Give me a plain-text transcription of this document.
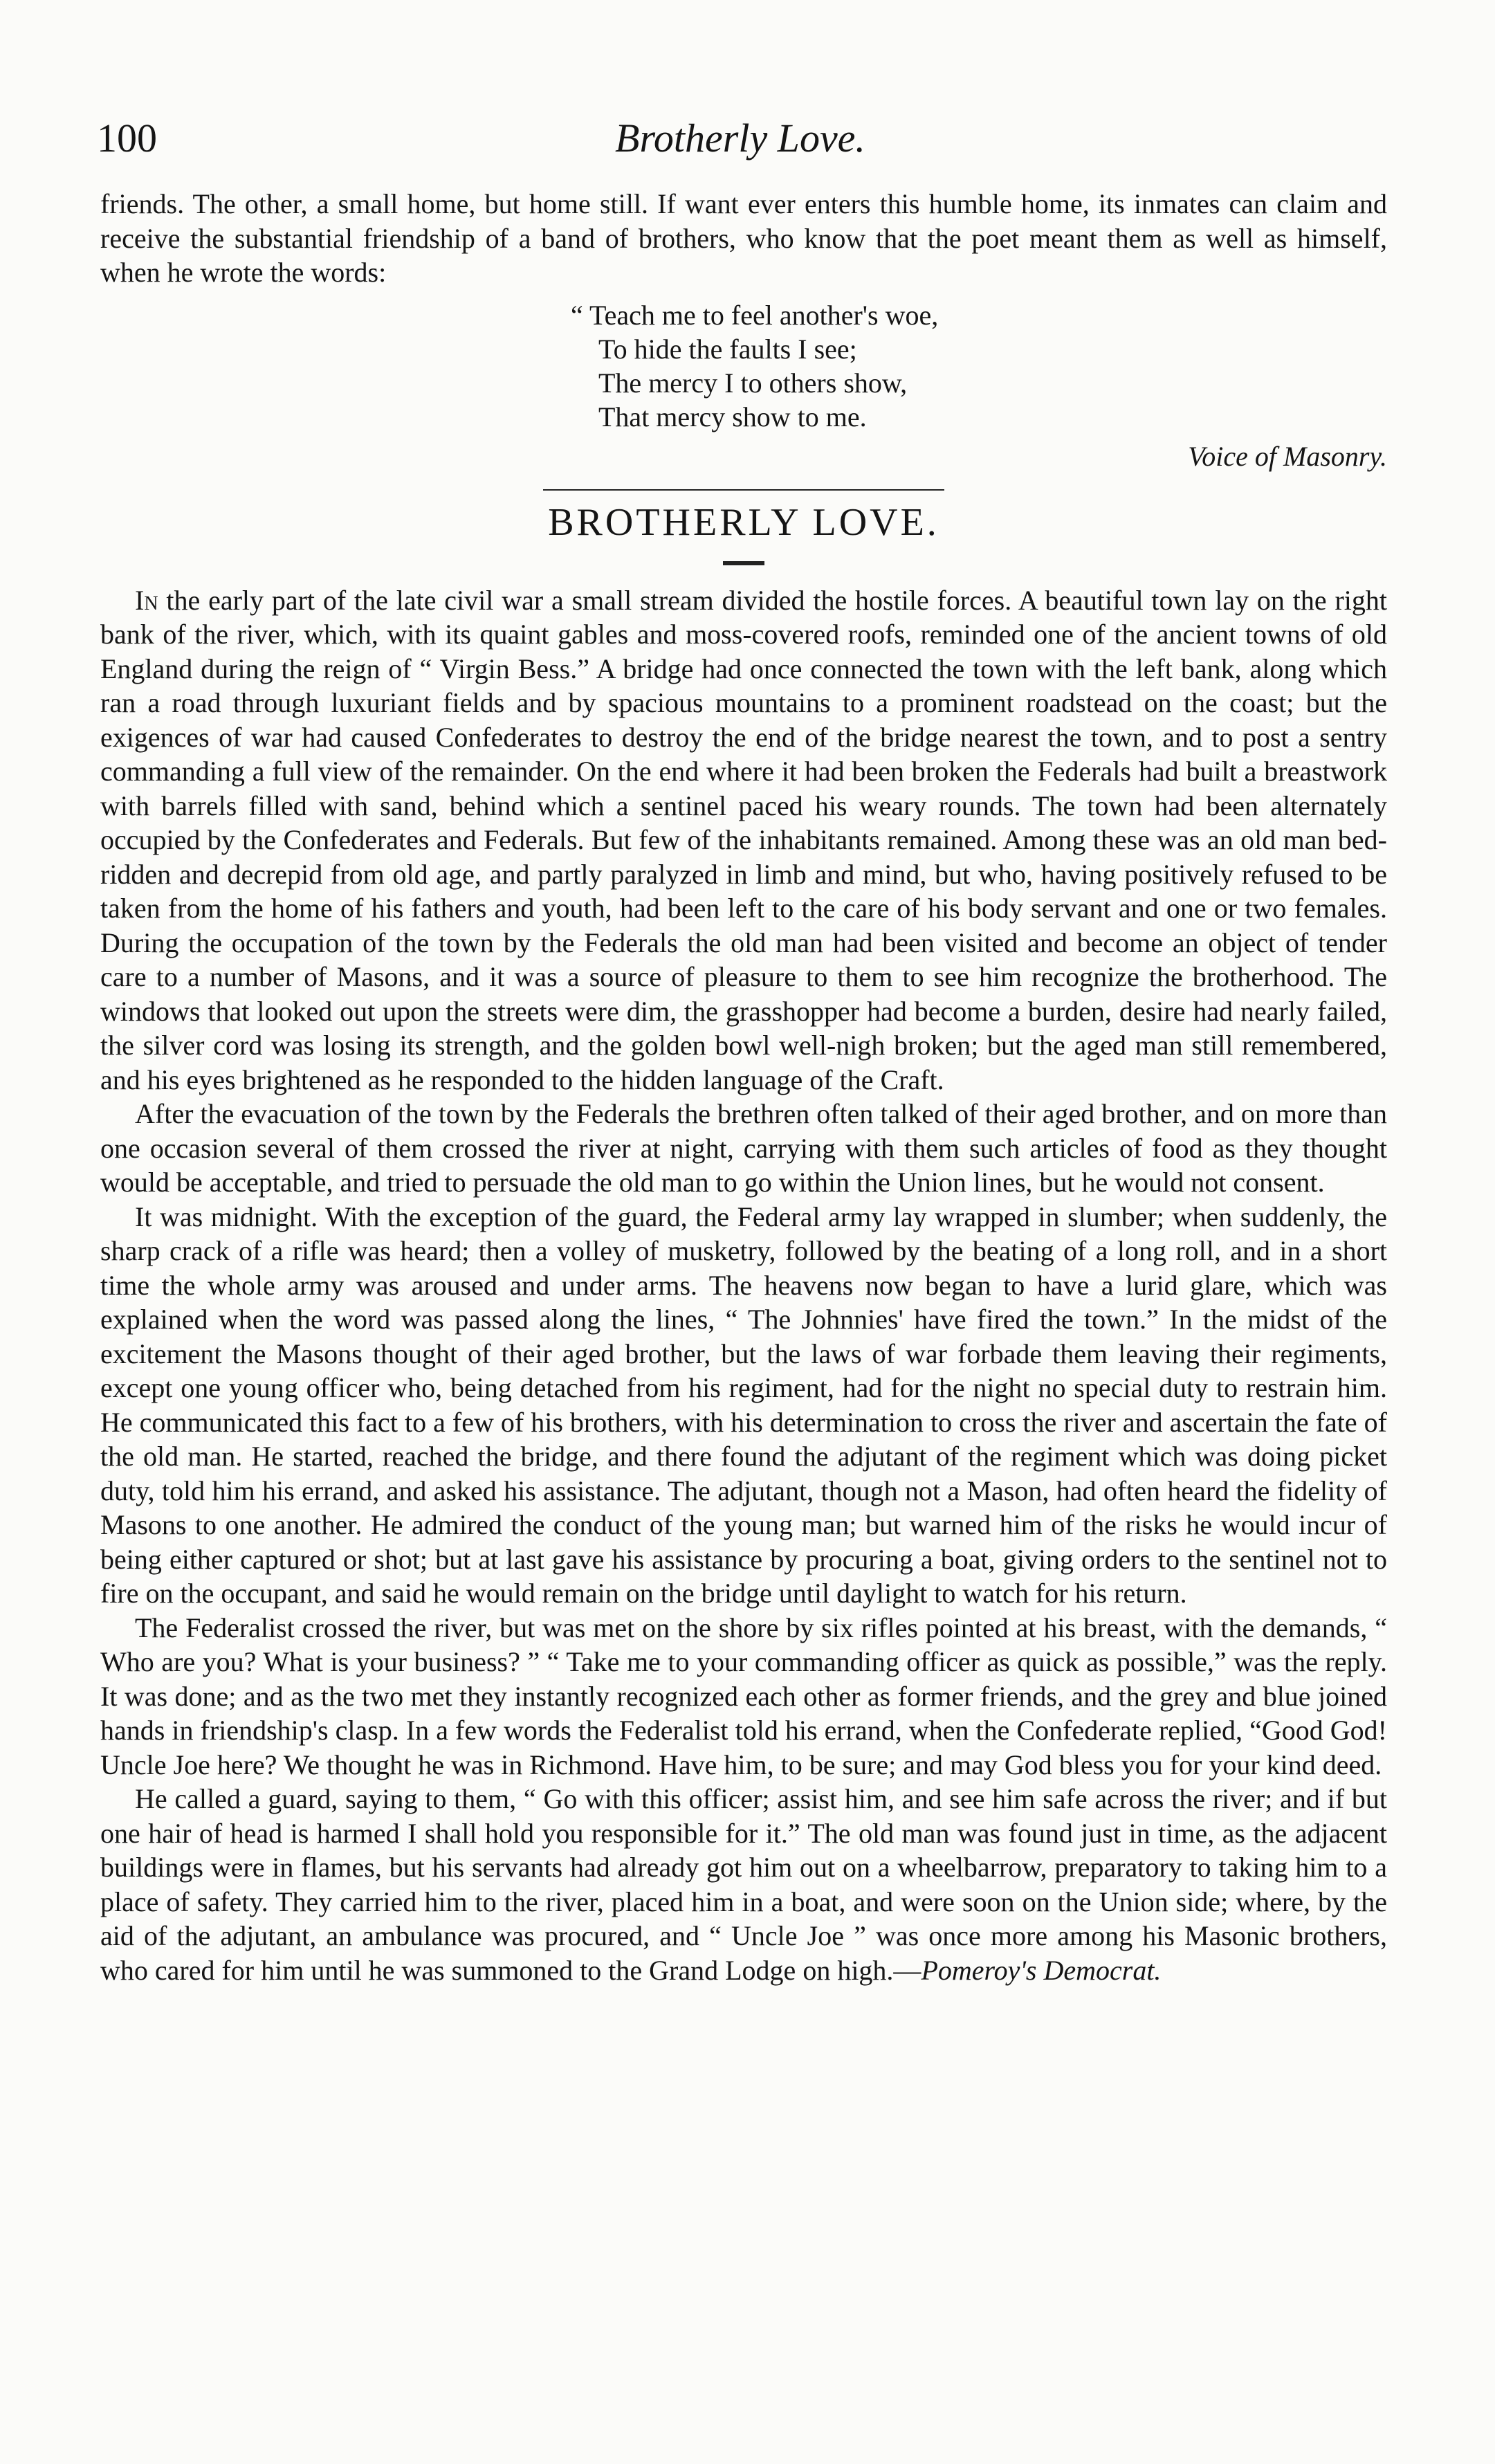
100	Brotherly Love.

friends. The other, a small home, but home still. If want ever enters this humble home, its inmates can claim and receive the substantial friendship of a band of brothers, who know that the poet meant them as well as himself, when he wrote the words:

“ Teach me to feel another's woe,
To hide the faults I see;
The mercy I to others show,
That mercy show to me.

Voice of Masonry.

BROTHERLY LOVE.

In the early part of the late civil war a small stream divided the hostile forces. A beautiful town lay on the right bank of the river, which, with its quaint gables and moss-covered roofs, reminded one of the ancient towns of old England during the reign of “ Virgin Bess.” A bridge had once connected the town with the left bank, along which ran a road through luxuriant fields and by spacious mountains to a prominent roadstead on the coast; but the exigences of war had caused Confederates to destroy the end of the bridge nearest the town, and to post a sentry commanding a full view of the remainder. On the end where it had been broken the Federals had built a breastwork with barrels filled with sand, behind which a sentinel paced his weary rounds. The town had been alternately occupied by the Confederates and Federals. But few of the inhabitants remained. Among these was an old man bed-ridden and decrepid from old age, and partly paralyzed in limb and mind, but who, having positively refused to be taken from the home of his fathers and youth, had been left to the care of his body servant and one or two females. During the occupation of the town by the Federals the old man had been visited and become an object of tender care to a number of Masons, and it was a source of pleasure to them to see him recognize the brotherhood. The windows that looked out upon the streets were dim, the grasshopper had become a burden, desire had nearly failed, the silver cord was losing its strength, and the golden bowl well-nigh broken; but the aged man still remembered, and his eyes brightened as he responded to the hidden language of the Craft.

After the evacuation of the town by the Federals the brethren often talked of their aged brother, and on more than one occasion several of them crossed the river at night, carrying with them such articles of food as they thought would be acceptable, and tried to persuade the old man to go within the Union lines, but he would not consent.

It was midnight. With the exception of the guard, the Federal army lay wrapped in slumber; when suddenly, the sharp crack of a rifle was heard; then a volley of musketry, followed by the beating of a long roll, and in a short time the whole army was aroused and under arms. The heavens now began to have a lurid glare, which was explained when the word was passed along the lines, “ The Johnnies' have fired the town.” In the midst of the excitement the Masons thought of their aged brother, but the laws of war forbade them leaving their regiments, except one young officer who, being detached from his regiment, had for the night no special duty to restrain him. He communicated this fact to a few of his brothers, with his determination to cross the river and ascertain the fate of the old man. He started, reached the bridge, and there found the adjutant of the regiment which was doing picket duty, told him his errand, and asked his assistance. The adjutant, though not a Mason, had often heard the fidelity of Masons to one another. He admired the conduct of the young man; but warned him of the risks he would incur of being either captured or shot; but at last gave his assistance by procuring a boat, giving orders to the sentinel not to fire on the occupant, and said he would remain on the bridge until daylight to watch for his return.

The Federalist crossed the river, but was met on the shore by six rifles pointed at his breast, with the demands, “ Who are you? What is your business? ” “ Take me to your commanding officer as quick as possible,” was the reply. It was done; and as the two met they instantly recognized each other as former friends, and the grey and blue joined hands in friendship's clasp. In a few words the Federalist told his errand, when the Confederate replied, “Good God! Uncle Joe here? We thought he was in Richmond. Have him, to be sure; and may God bless you for your kind deed.

He called a guard, saying to them, “ Go with this officer; assist him, and see him safe across the river; and if but one hair of head is harmed I shall hold you responsible for it.” The old man was found just in time, as the adjacent buildings were in flames, but his servants had already got him out on a wheelbarrow, preparatory to taking him to a place of safety. They carried him to the river, placed him in a boat, and were soon on the Union side; where, by the aid of the adjutant, an ambulance was procured, and “ Uncle Joe ” was once more among his Masonic brothers, who cared for him until he was summoned to the Grand Lodge on high.—Pomeroy's Democrat.
